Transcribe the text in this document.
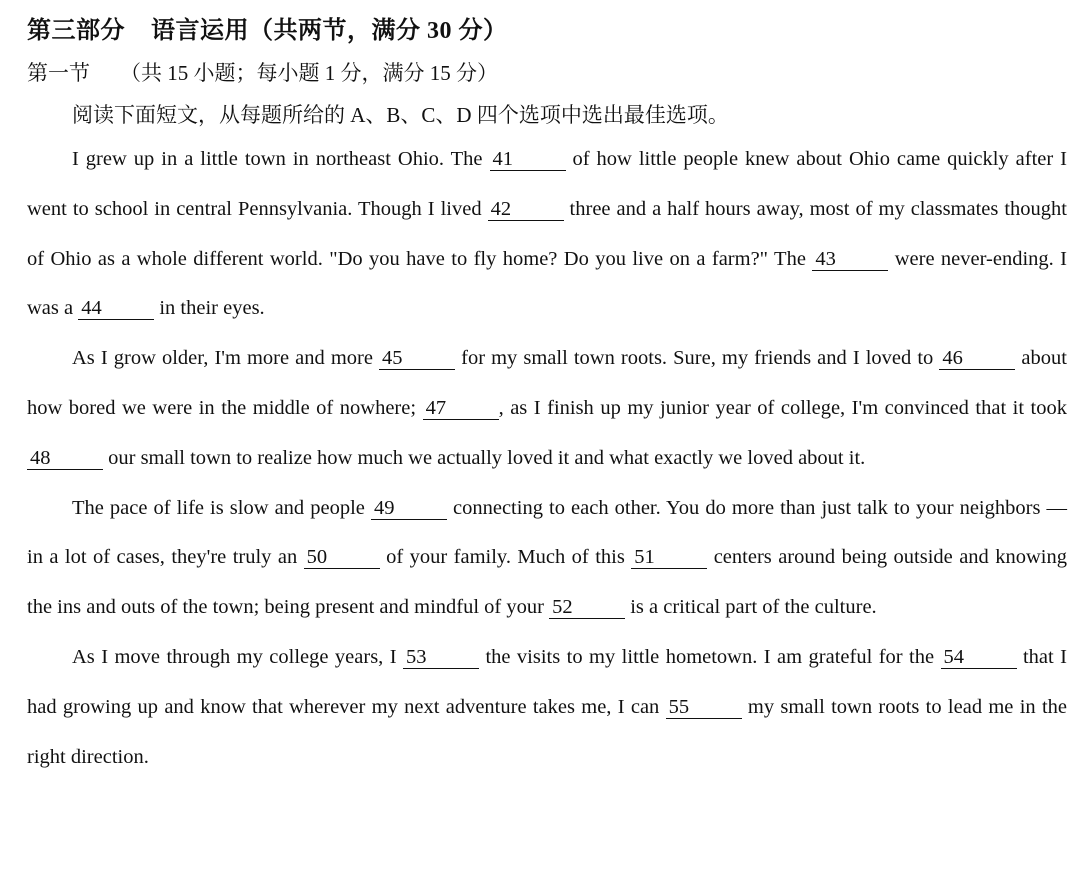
第三部分 语言运用（共两节，满分 30 分）
第一节 （共 15 小题；每小题 1 分，满分 15 分）
阅读下面短文，从每题所给的 A、B、C、D 四个选项中选出最佳选项。

I grew up in a little town in northeast Ohio. The 41	of how little people knew about Ohio came quickly after I went to school in central Pennsylvania. Though I lived 42	three and a half hours away, most of my classmates thought of Ohio as a whole different world. "Do you have to fly home? Do you live on a farm?" The 43	were never-ending. I was a 44	in their eyes.

As I grow older, I'm more and more 45	for my small town roots. Sure, my friends and I loved to 46	about how bored we were in the middle of nowhere; 47	, as I finish up my junior year of college, I'm convinced that it took 48	our small town to realize how much we actually loved it and what exactly we loved about it.

The pace of life is slow and people 49	connecting to each other. You do more than just talk to your neighbors — in a lot of cases, they're truly an 50	of your family. Much of this 51	centers around being outside and knowing the ins and outs of the town; being present and mindful of your 52	is a critical part of the culture.

As I move through my college years, I 53	the visits to my little hometown. I am grateful for the 54	that I had growing up and know that wherever my next adventure takes me, I can 55	my small town roots to lead me in the right direction.
